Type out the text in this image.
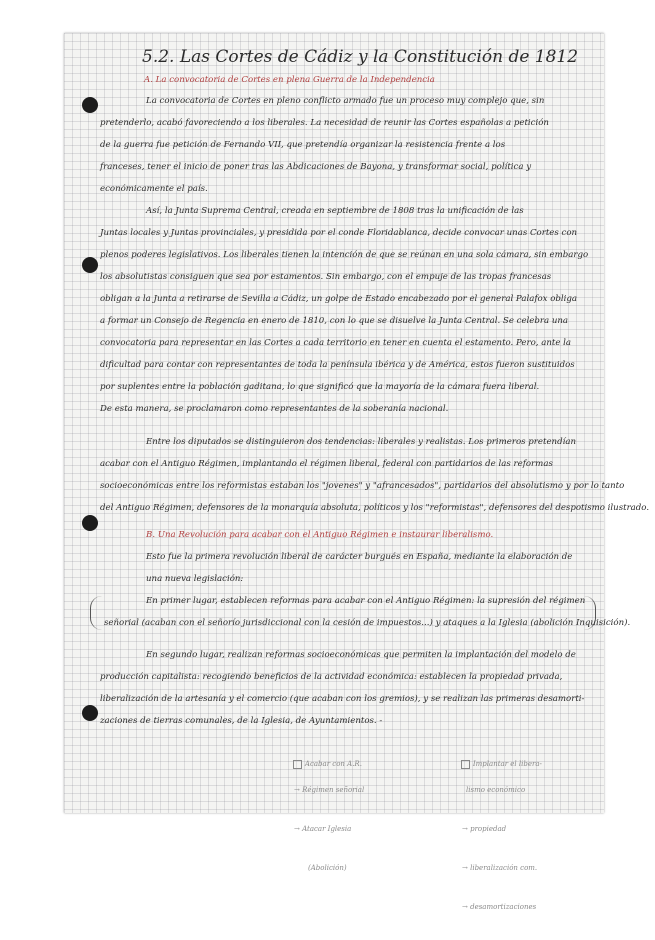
5.2. Las Cortes de Cádiz y la Constitución de 1812
A. La convocatoria de Cortes en plena Guerra de la Independencia
La convocatoria de Cortes en pleno conflicto armado fue un proceso muy complejo que, sin
pretenderlo, acabó favoreciendo a los liberales. La necesidad de reunir las Cortes españolas a petición
de la guerra fue petición de Fernando VII, que pretendía organizar la resistencia frente a los
franceses, tener el inicio de poner tras las Abdicaciones de Bayona, y transformar social, política y
económicamente el país.
Así, la Junta Suprema Central, creada en septiembre de 1808 tras la unificación de las
Juntas locales y Juntas provinciales, y presidida por el conde Floridablanca, decide convocar unas Cortes con
plenos poderes legislativos. Los liberales tienen la intención de que se reúnan en una sola cámara, sin embargo
los absolutistas consiguen que sea por estamentos. Sin embargo, con el empuje de las tropas francesas
obligan a la Junta a retirarse de Sevilla a Cádiz, un golpe de Estado encabezado por el general Palafox obliga
a formar un Consejo de Regencia en enero de 1810, con lo que se disuelve la Junta Central. Se celebra una
convocatoria para representar en las Cortes a cada territorio en tener en cuenta el estamento. Pero, ante la
dificultad para contar con representantes de toda la península ibérica y de América, estos fueron sustituidos
por suplentes entre la población gaditana, lo que significó que la mayoría de la cámara fuera liberal.
De esta manera, se proclamaron como representantes de la soberanía nacional.
Entre los diputados se distinguieron dos tendencias: liberales y realistas. Los primeros pretendían
acabar con el Antiguo Régimen, implantando el régimen liberal, federal con partidarios de las reformas
socioeconómicas entre los reformistas estaban los "jovenes" y "afrancesados", partidarios del absolutismo y por lo tanto
del Antiguo Régimen, defensores de la monarquía absoluta, políticos y los "reformistas", defensores del despotismo ilustrado.
B. Una Revolución para acabar con el Antiguo Régimen e instaurar liberalismo.
Esto fue la primera revolución liberal de carácter burgués en España, mediante la elaboración de
una nueva legislación:
En primer lugar, establecen reformas para acabar con el Antiguo Régimen: la supresión del régimen
señorial (acaban con el señorío jurisdiccional con la cesión de impuestos...) y ataques a la Iglesia (abolición Inquisición).
En segundo lugar, realizan reformas socioeconómicas que permiten la implantación del modelo de
producción capitalista: recogiendo beneficios de la actividad económica: establecen la propiedad privada,
liberalización de la artesanía y el comercio (que acaban con los gremios), y se realizan las primeras desamorti-
zaciones de tierras comunales, de la Iglesia, de Ayuntamientos. -

Acabar con A.R.

→ Régimen señorial

→ Atacar Iglesia

(Abolición)

Implantar el libera-

lismo económico

→ propiedad

→ liberalización com.

→ desamortizaciones
